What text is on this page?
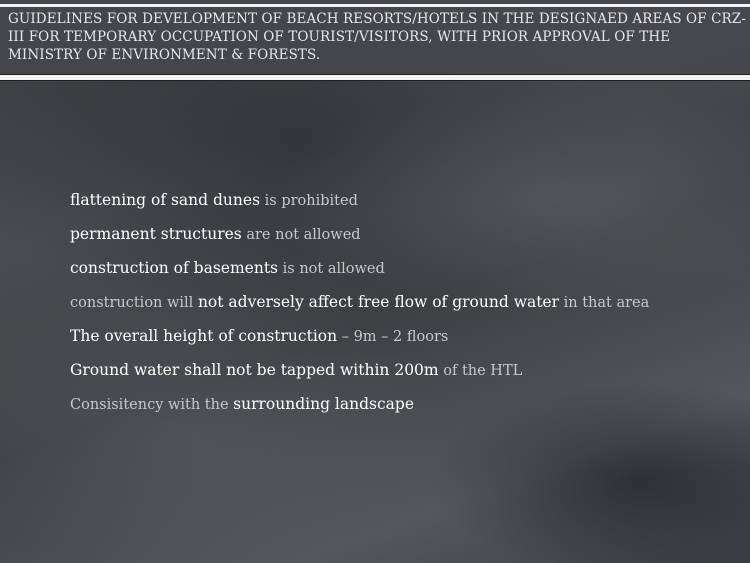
GUIDELINES FOR DEVELOPMENT OF BEACH RESORTS/HOTELS IN THE DESIGNAED AREAS OF CRZ-III FOR TEMPORARY OCCUPATION OF TOURIST/VISITORS, WITH PRIOR APPROVAL OF THE MINISTRY OF ENVIRONMENT & FORESTS.
flattening of sand dunes is prohibited
permanent structures are not allowed
construction of basements is not allowed
construction will not adversely affect free flow of ground water in that area
The overall height of construction – 9m – 2 floors
Ground water shall not be tapped within 200m of the HTL
Consisitency with the surrounding landscape
